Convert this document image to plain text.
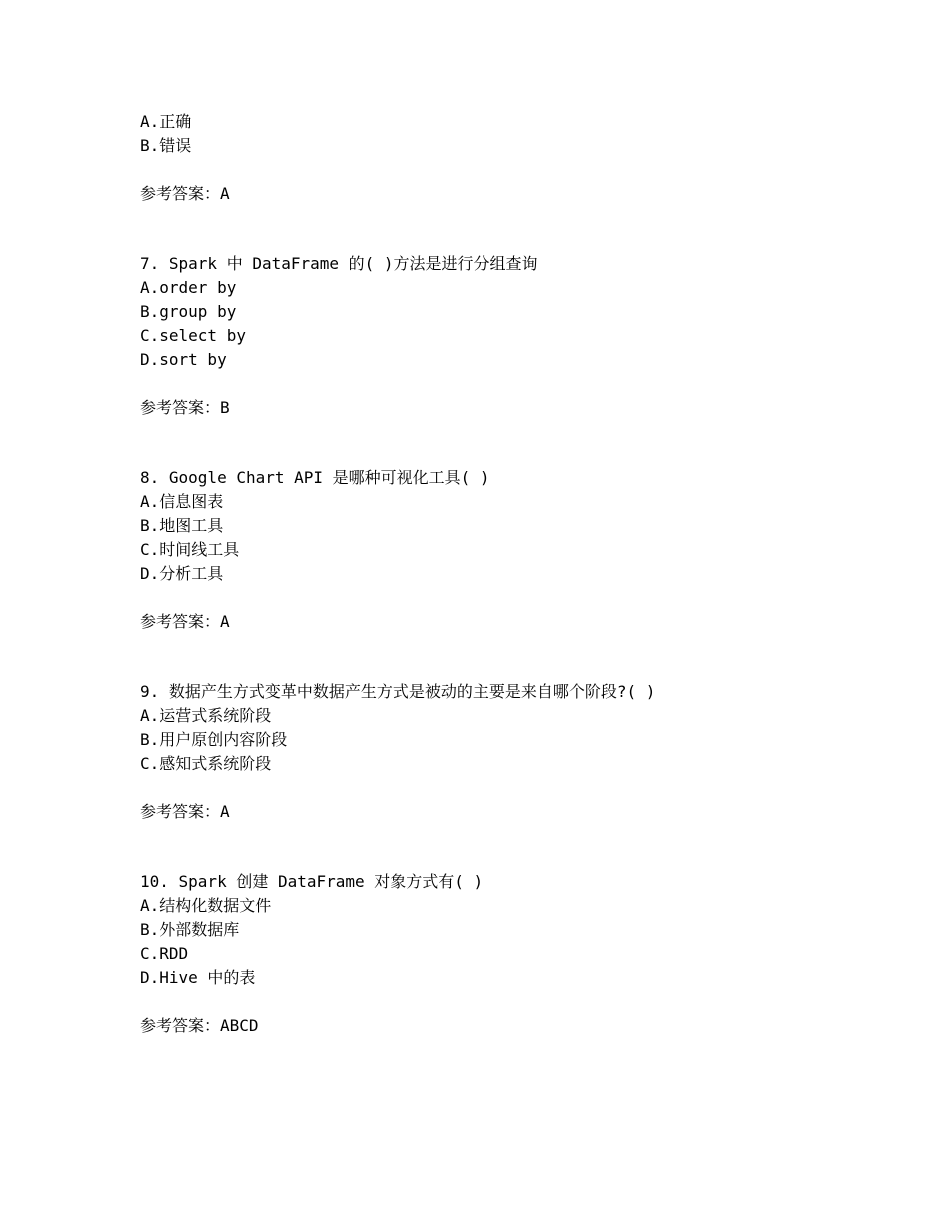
A.正确
B.错误
参考答案：A
7. Spark 中 DataFrame 的( )方法是进行分组查询
A.order by
B.group by
C.select by
D.sort by
参考答案：B
8. Google Chart API 是哪种可视化工具( )
A.信息图表
B.地图工具
C.时间线工具
D.分析工具
参考答案：A
9. 数据产生方式变革中数据产生方式是被动的主要是来自哪个阶段?( )
A.运营式系统阶段
B.用户原创内容阶段
C.感知式系统阶段
参考答案：A
10. Spark 创建 DataFrame 对象方式有( )
A.结构化数据文件
B.外部数据库
C.RDD
D.Hive 中的表
参考答案：ABCD
